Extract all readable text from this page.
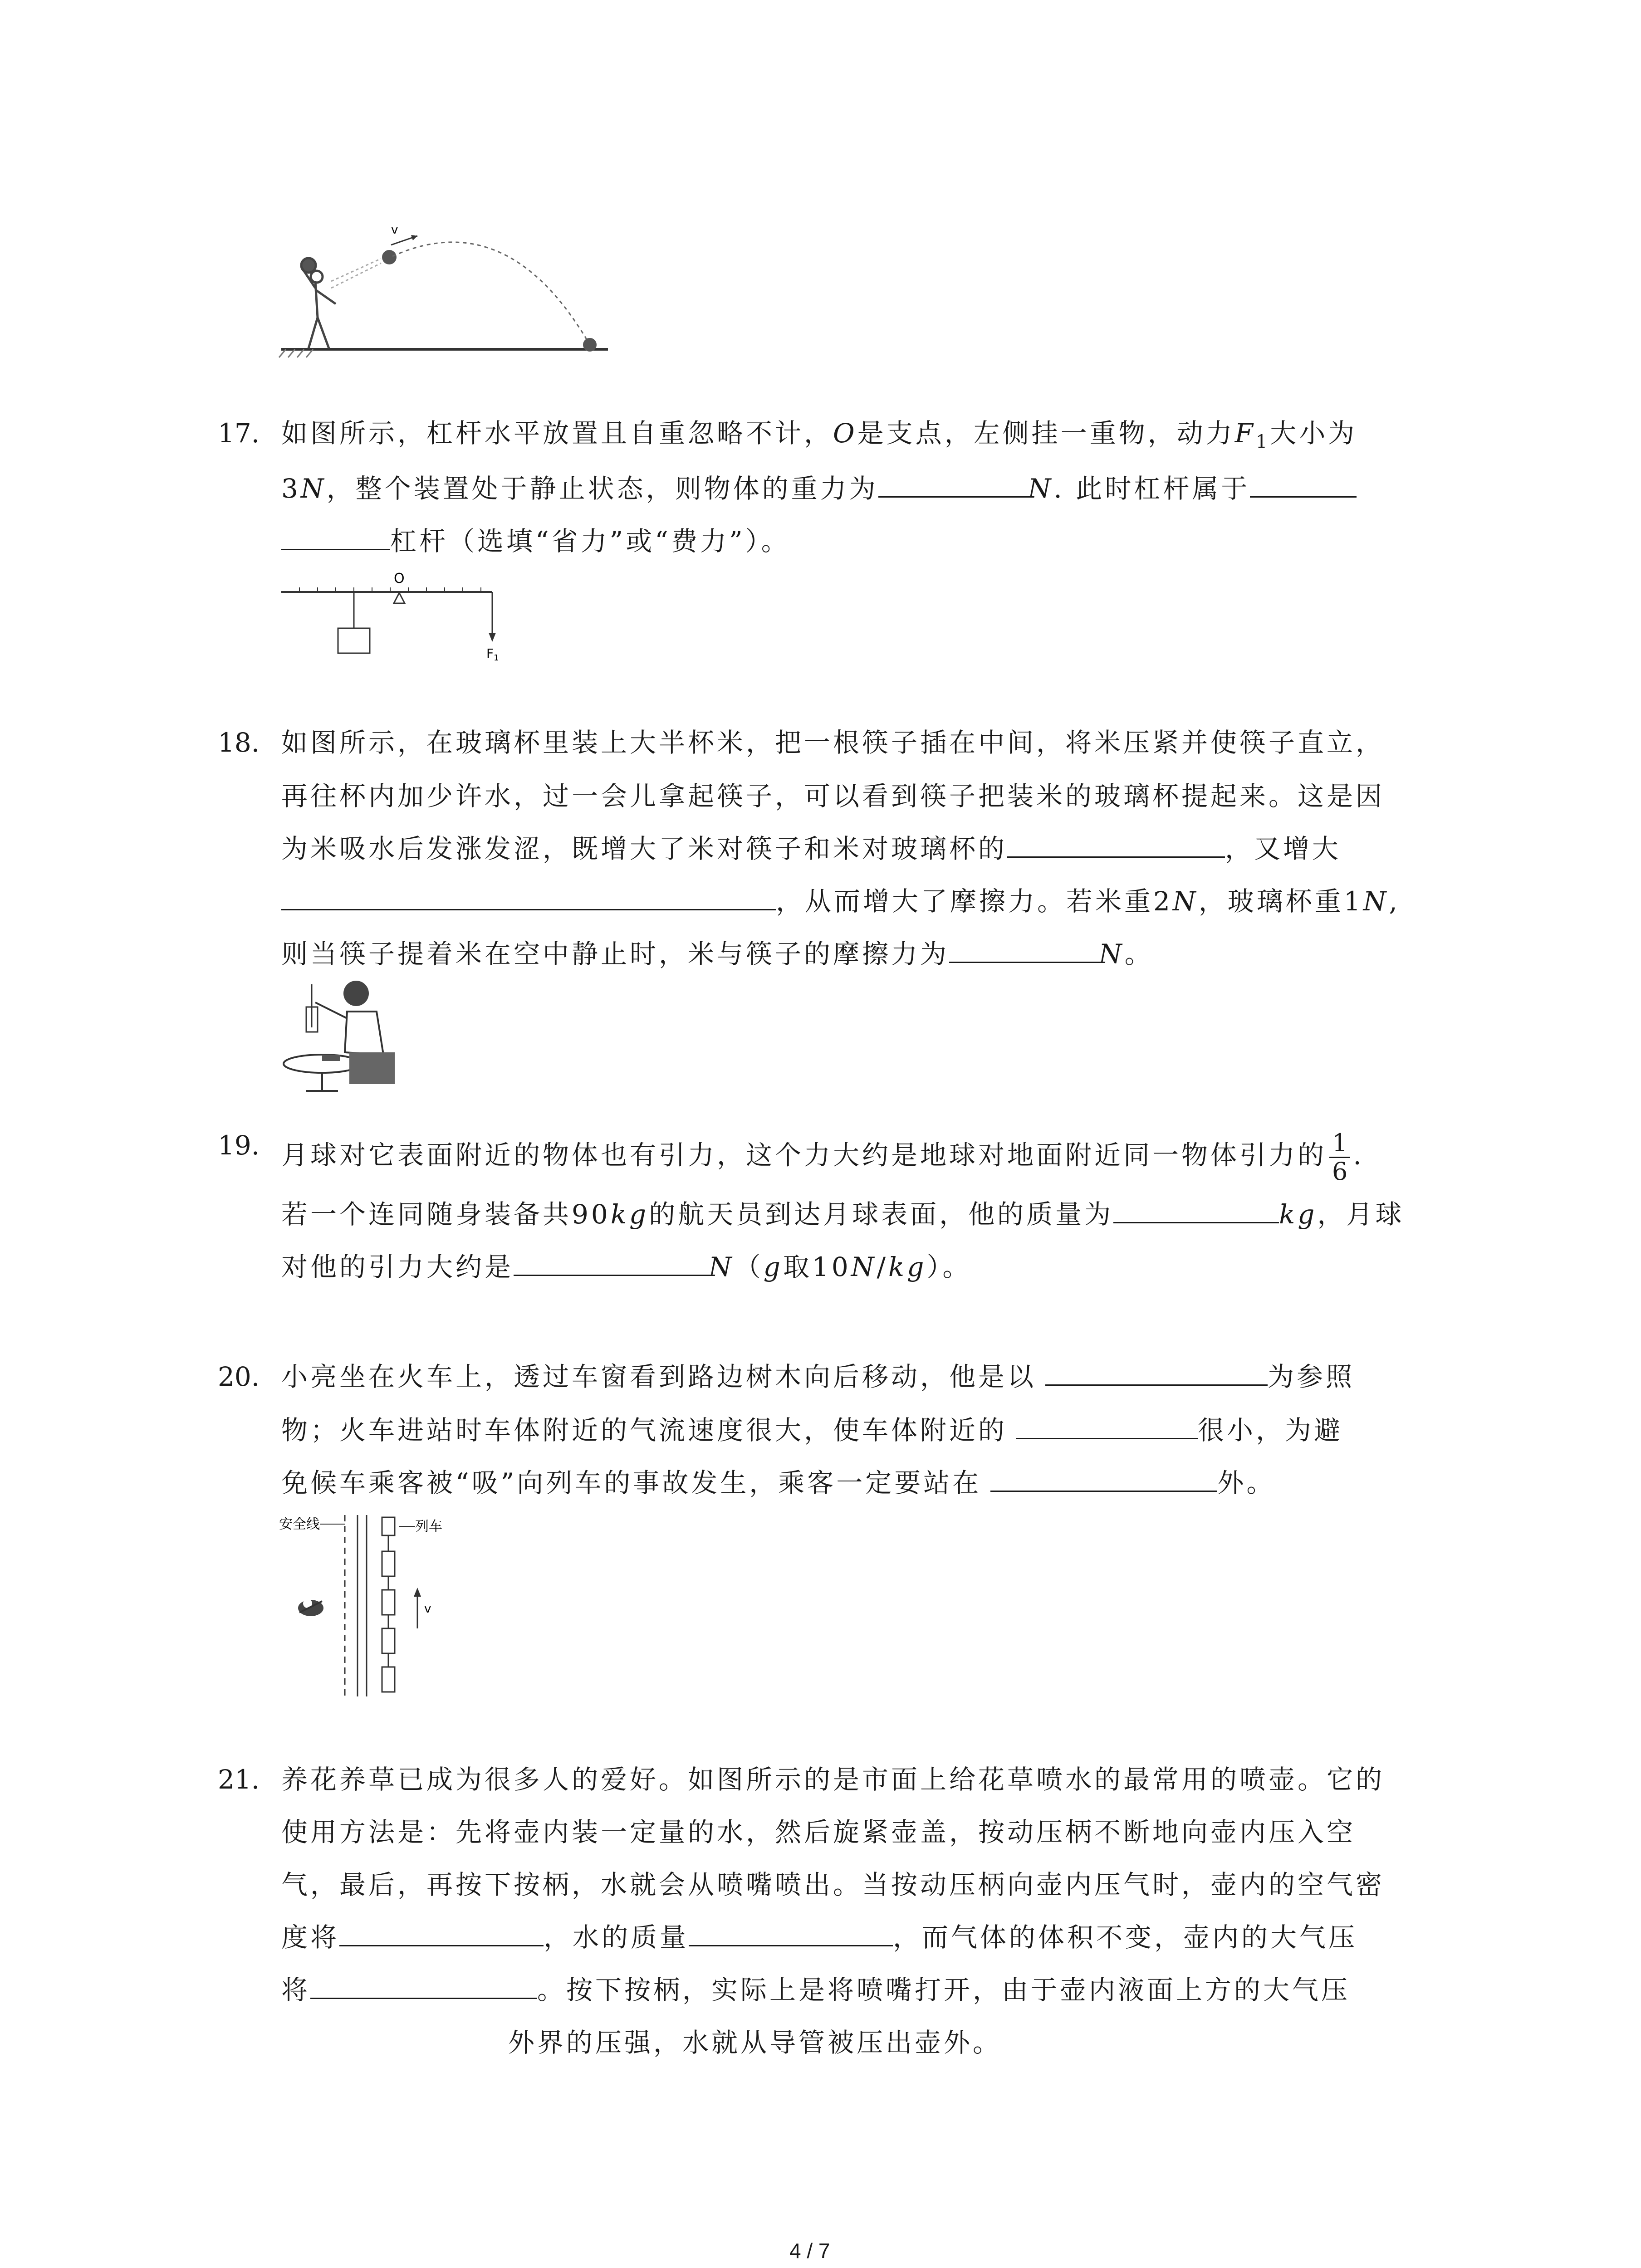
v
17. 如图所示，杠杆水平放置且自重忽略不计，O是支点，左侧挂一重物，动力$F_1$大小为
3N，整个装置处于静止状态，则物体的重力为	N. 此时杠杆属于
杠杆（选填“省力”或“费力”）。
O
$F_1$
18. 如图所示，在玻璃杯里装上大半杯米，把一根筷子插在中间，将米压紧并使筷子直立，
再往杯内加少许水，过一会儿拿起筷子，可以看到筷子把装米的玻璃杯提起来。这是因
为米吸水后发涨发涩，既增大了米对筷子和米对玻璃杯的	，又增大
，从而增大了摩擦力。若米重2N，玻璃杯重1N,
则当筷子提着米在空中静止时，米与筷子的摩擦力为	N。
19. 月球对它表面附近的物体也有引力，这个力大约是地球对地面附近同一物体引力的 $\frac{1}{6}$ .
若一个连同随身装备共90kg的航天员到达月球表面，他的质量为	kg，月球
对他的引力大约是	N（g取10N/kg）。
20. 小亮坐在火车上，透过车窗看到路边树木向后移动，他是以	为参照
物；火车进站时车体附近的气流速度很大，使车体附近的	很小，为避
免候车乘客被“吸”向列车的事故发生，乘客一定要站在	外。
安全线	列车
v
21. 养花养草已成为很多人的爱好。如图所示的是市面上给花草喷水的最常用的喷壶。它的
使用方法是：先将壶内装一定量的水，然后旋紧壶盖，按动压柄不断地向壶内压入空
气，最后，再按下按柄，水就会从喷嘴喷出。当按动压柄向壶内压气时，壶内的空气密
度将	，水的质量	，而气体的体积不变，壶内的大气压
将	。按下按柄，实际上是将喷嘴打开，由于壶内液面上方的大气压
外界的压强，水就从导管被压出壶外。
4 / 7
